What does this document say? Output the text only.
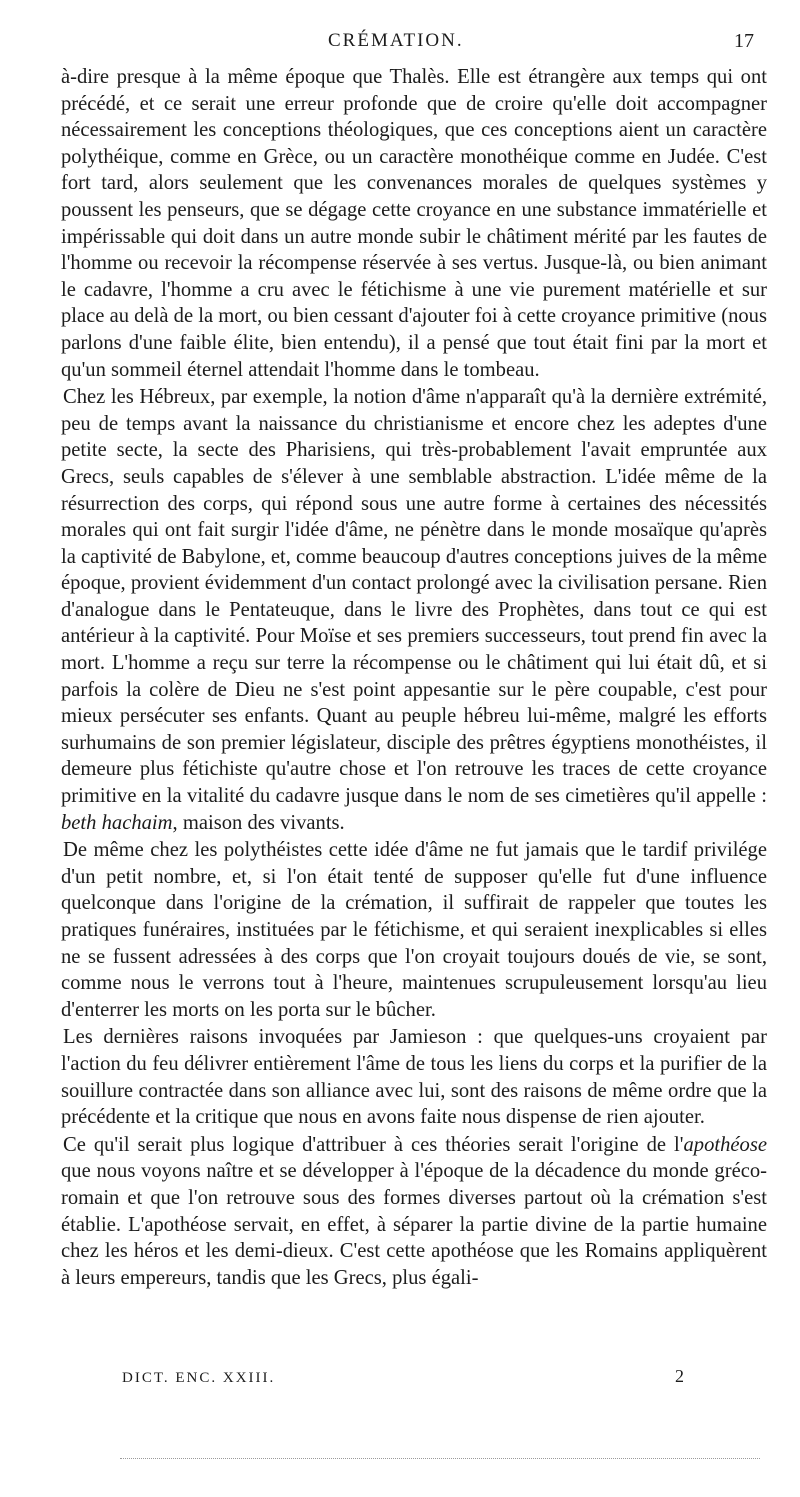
CRÉMATION.	17

à-dire presque à la même époque que Thalès. Elle est étrangère aux temps qui ont précédé, et ce serait une erreur profonde que de croire qu'elle doit accompagner nécessairement les conceptions théologiques, que ces conceptions aient un caractère polythéique, comme en Grèce, ou un caractère monothéique comme en Judée. C'est fort tard, alors seulement que les convenances morales de quelques systèmes y poussent les penseurs, que se dégage cette croyance en une substance immatérielle et impérissable qui doit dans un autre monde subir le châtiment mérité par les fautes de l'homme ou recevoir la récompense réservée à ses vertus. Jusque-là, ou bien animant le cadavre, l'homme a cru avec le fétichisme à une vie purement matérielle et sur place au delà de la mort, ou bien cessant d'ajouter foi à cette croyance primitive (nous parlons d'une faible élite, bien entendu), il a pensé que tout était fini par la mort et qu'un sommeil éternel attendait l'homme dans le tombeau.

Chez les Hébreux, par exemple, la notion d'âme n'apparaît qu'à la dernière extrémité, peu de temps avant la naissance du christianisme et encore chez les adeptes d'une petite secte, la secte des Pharisiens, qui très-probablement l'avait empruntée aux Grecs, seuls capables de s'élever à une semblable abstraction. L'idée même de la résurrection des corps, qui répond sous une autre forme à certaines des nécessités morales qui ont fait surgir l'idée d'âme, ne pénètre dans le monde mosaïque qu'après la captivité de Babylone, et, comme beaucoup d'autres conceptions juives de la même époque, provient évidemment d'un contact prolongé avec la civilisation persane. Rien d'analogue dans le Pentateuque, dans le livre des Prophètes, dans tout ce qui est antérieur à la captivité. Pour Moïse et ses premiers successeurs, tout prend fin avec la mort. L'homme a reçu sur terre la récompense ou le châtiment qui lui était dû, et si parfois la colère de Dieu ne s'est point appesantie sur le père coupable, c'est pour mieux persécuter ses enfants. Quant au peuple hébreu lui-même, malgré les efforts surhumains de son premier législateur, disciple des prêtres égyptiens monothéistes, il demeure plus fétichiste qu'autre chose et l'on retrouve les traces de cette croyance primitive en la vitalité du cadavre jusque dans le nom de ses cimetières qu'il appelle : beth hachaim, maison des vivants.

De même chez les polythéistes cette idée d'âme ne fut jamais que le tardif privilége d'un petit nombre, et, si l'on était tenté de supposer qu'elle fut d'une influence quelconque dans l'origine de la crémation, il suffirait de rappeler que toutes les pratiques funéraires, instituées par le fétichisme, et qui seraient inexplicables si elles ne se fussent adressées à des corps que l'on croyait toujours doués de vie, se sont, comme nous le verrons tout à l'heure, maintenues scrupuleusement lorsqu'au lieu d'enterrer les morts on les porta sur le bûcher.

Les dernières raisons invoquées par Jamieson : que quelques-uns croyaient par l'action du feu délivrer entièrement l'âme de tous les liens du corps et la purifier de la souillure contractée dans son alliance avec lui, sont des raisons de même ordre que la précédente et la critique que nous en avons faite nous dispense de rien ajouter.

Ce qu'il serait plus logique d'attribuer à ces théories serait l'origine de l'apothéose que nous voyons naître et se développer à l'époque de la décadence du monde gréco-romain et que l'on retrouve sous des formes diverses partout où la crémation s'est établie. L'apothéose servait, en effet, à séparer la partie divine de la partie humaine chez les héros et les demi-dieux. C'est cette apothéose que les Romains appliquèrent à leurs empereurs, tandis que les Grecs, plus égali-

DICT. ENC. XXIII.	2
